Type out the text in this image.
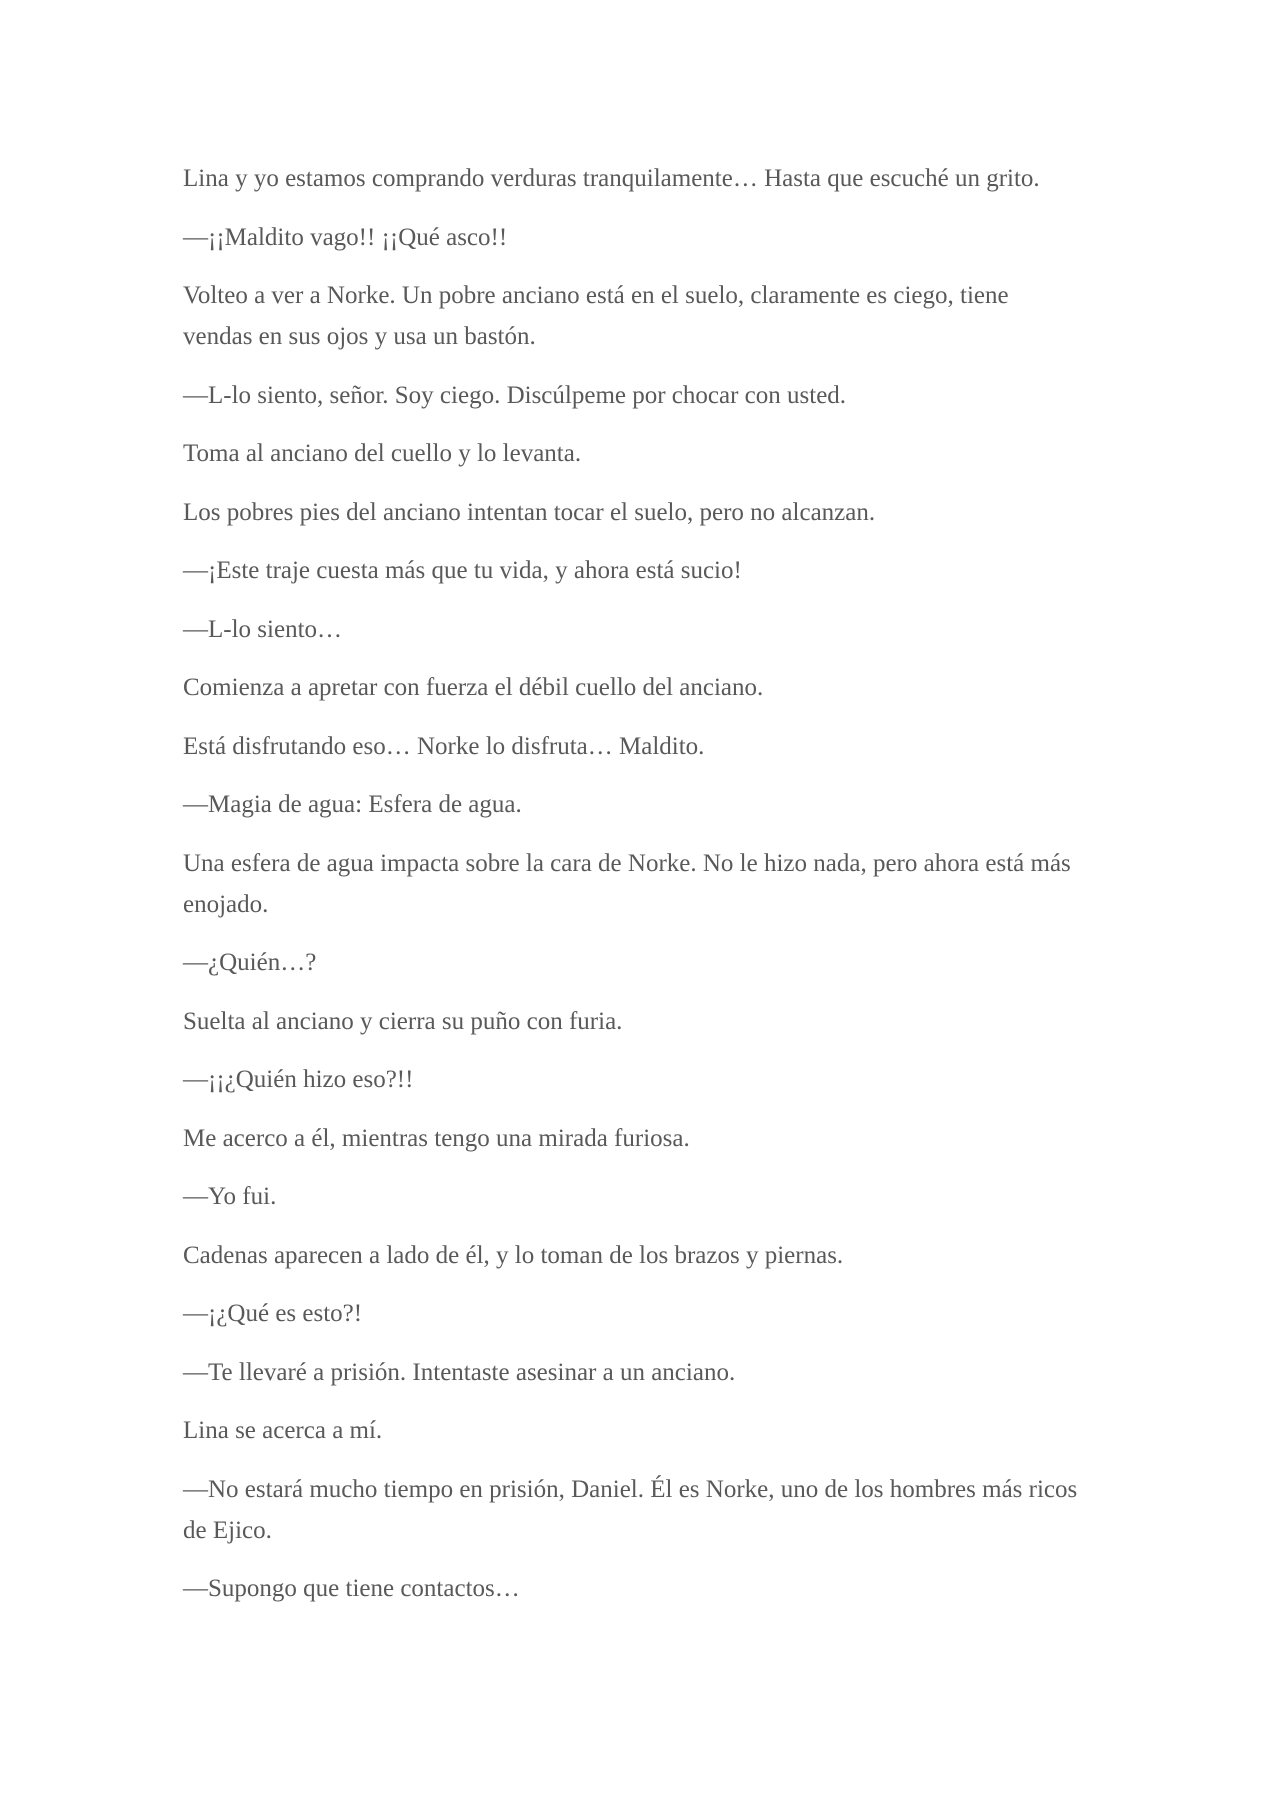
Lina y yo estamos comprando verduras tranquilamente… Hasta que escuché un grito.

—¡¡Maldito vago!! ¡¡Qué asco!!

Volteo a ver a Norke. Un pobre anciano está en el suelo, claramente es ciego, tiene vendas en sus ojos y usa un bastón.

—L-lo siento, señor. Soy ciego. Discúlpeme por chocar con usted.

Toma al anciano del cuello y lo levanta.

Los pobres pies del anciano intentan tocar el suelo, pero no alcanzan.

—¡Este traje cuesta más que tu vida, y ahora está sucio!

—L-lo siento…

Comienza a apretar con fuerza el débil cuello del anciano.

Está disfrutando eso… Norke lo disfruta… Maldito.

—Magia de agua: Esfera de agua.

Una esfera de agua impacta sobre la cara de Norke. No le hizo nada, pero ahora está más enojado.

—¿Quién…?

Suelta al anciano y cierra su puño con furia.

—¡¡¿Quién hizo eso?!!

Me acerco a él, mientras tengo una mirada furiosa.

—Yo fui.

Cadenas aparecen a lado de él, y lo toman de los brazos y piernas.

—¡¿Qué es esto?!

—Te llevaré a prisión. Intentaste asesinar a un anciano.

Lina se acerca a mí.

—No estará mucho tiempo en prisión, Daniel. Él es Norke, uno de los hombres más ricos de Ejico.

—Supongo que tiene contactos…
